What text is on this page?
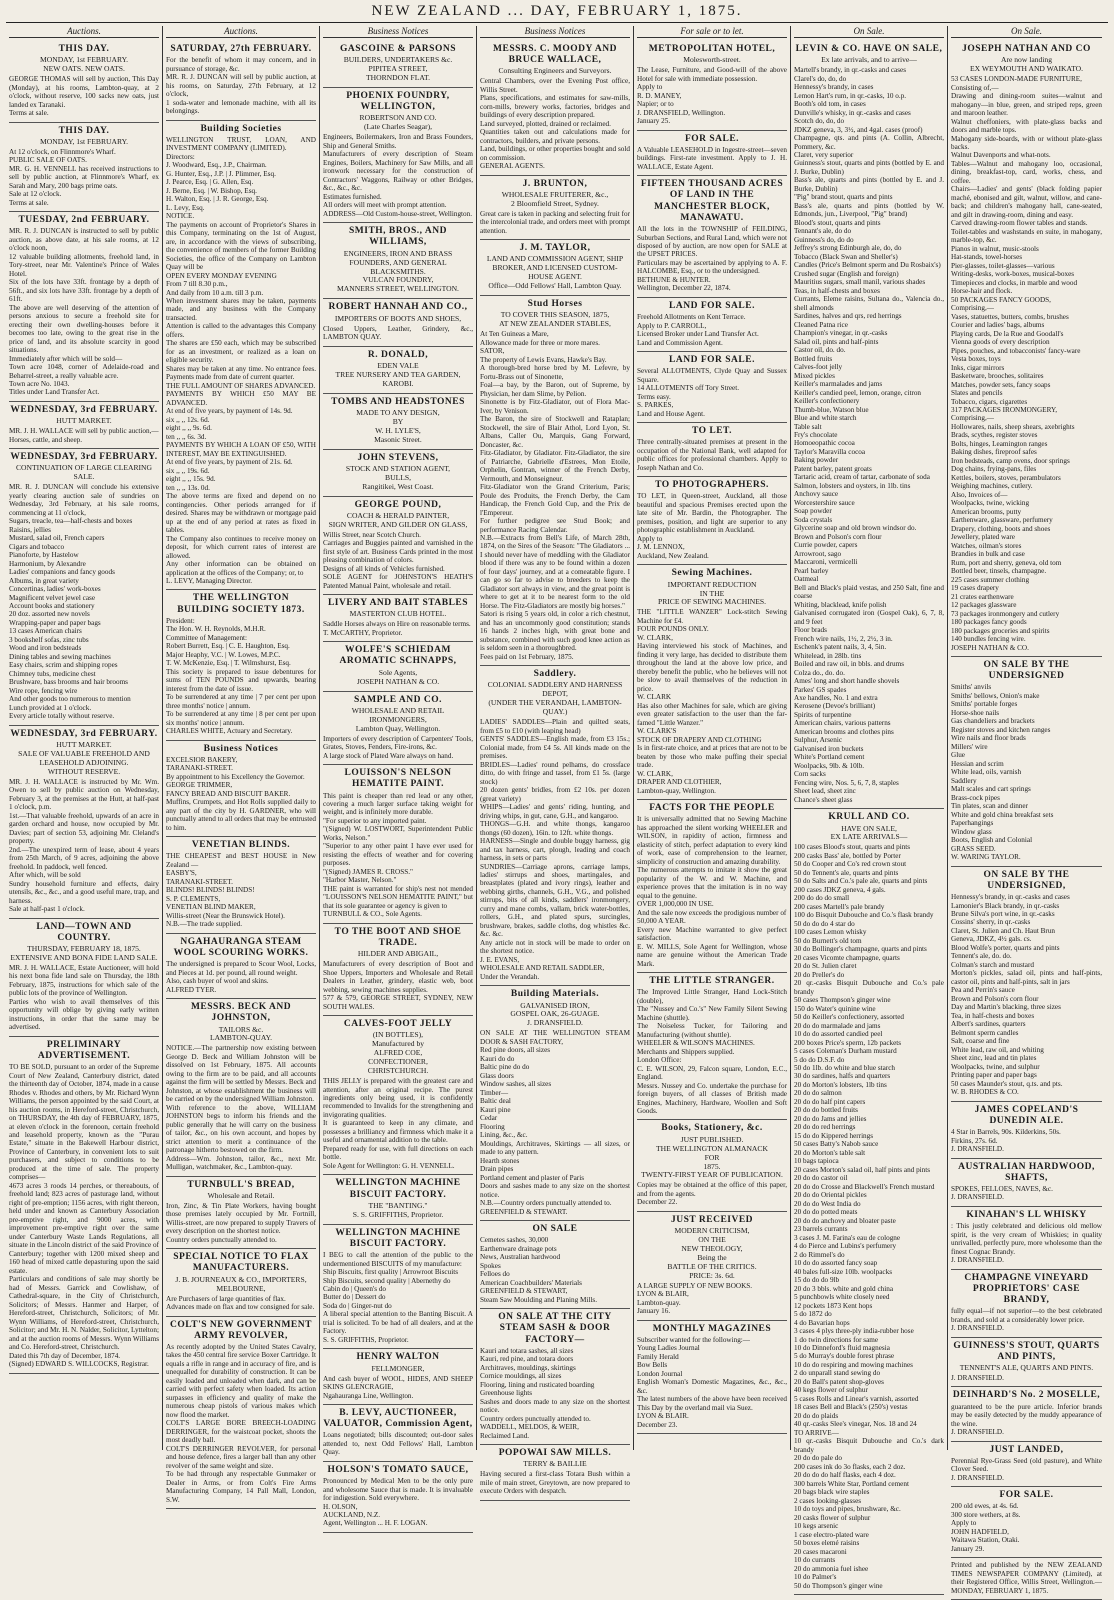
NEW ZEALAND ... DAY, FEBRUARY 1, 1875.
Auctions.
THIS DAY.
MONDAY, 1st FEBRUARY.
NEW OATS. NEW OATS.
GEORGE THOMAS will sell by auction, This Day (Monday), at his rooms, Lambton-quay, at 2 o'clock, without reserve, 100 sacks new oats, just landed ex Taranaki.
Terms at sale.
THIS DAY.
MONDAY, 1st FEBRUARY.
At 12 o'clock, on Flinnmore's Wharf.
PUBLIC SALE OF OATS.
MR. G. H. VENNELL has received instructions to sell by public auction, at Flinnmore's Wharf, ex Sarah and Mary, 200 bags prime oats.
Sale at 12 o'clock.
Terms at sale.
TUESDAY, 2nd FEBRUARY.
MR. R. J. DUNCAN is instructed to sell by public auction, as above date, at his sale rooms, at 12 o'clock noon,
12 valuable building allotments, freehold land, in Tory-street, near Mr. Valentine's Prince of Wales Hotel.
Six of the lots have 33ft. frontage by a depth of 56ft., and six lots have 33ft. frontage by a depth of 61ft.
The above are well deserving of the attention of persons anxious to secure a freehold site for erecting their own dwelling-houses before it becomes too late, owing to the great rise in the price of land, and its absolute scarcity in good situations.
Immediately after which will be sold—
Town acre 1048, corner of Adelaide-road and Beharrel-street, a really valuable acre.
Town acre No. 1043.
Titles under Land Transfer Act.
WEDNESDAY, 3rd FEBRUARY.
HUTT MARKET.
MR. J. H. WALLACE will sell by public auction,—
Horses, cattle, and sheep.
WEDNESDAY, 3rd FEBRUARY.
CONTINUATION OF LARGE CLEARING SALE.
MR. R. J. DUNCAN will conclude his extensive yearly clearing auction sale of sundries on Wednesday, 3rd February, at his sale rooms, commencing at 11 o'clock,
Sugars, treacle, tea—half-chests and boxes
Raisins, jellies
Mustard, salad oil, French capers
Cigars and tobacco
Pianoforte, by Hastelow
Harmonium, by Alexandre
Ladies' companions and fancy goods
Albums, in great variety
Concertinas, ladies' work-boxes
Magnificent velvet jewel case
Account books and stationery
20 doz. assorted new novels
Wrapping-paper and paper bags
13 cases American chairs
3 bookshelf sofas, zinc tubs
Wood and iron bedsteads
Dining tables and sewing machines
Easy chairs, scrim and shipping ropes
Chimney tubs, medicine chest
Brushware, bass brooms and hair brooms
Wire rope, fencing wire
And other goods too numerous to mention
Lunch provided at 1 o'clock.
Every article totally without reserve.
WEDNESDAY, 3rd FEBRUARY.
HUTT MARKET.
SALE OF VALUABLE FREEHOLD AND LEASEHOLD ADJOINING.
WITHOUT RESERVE.
MR. J. H. WALLACE is instructed by Mr. Wm. Owen to sell by public auction on Wednesday, February 3, at the premises at the Hutt, at half-past 1 o'clock, p.m.
1st.—That valuable freehold, upwards of an acre in garden orchard and house, now occupied by Mr. Davies; part of section 53, adjoining Mr. Cleland's property.
2nd.—The unexpired term of lease, about 4 years from 25th March, of 9 acres, adjoining the above freehold. In paddock, well fenced.
After which, will be sold
Sundry household furniture and effects, dairy utensils, &c., &c., and a good useful mare, trap, and harness.
Sale at half-past 1 o'clock.
LAND—TOWN AND COUNTRY.
THURSDAY, FEBRUARY 18, 1875.
EXTENSIVE AND BONA FIDE LAND SALE.
MR. J. H. WALLACE, Estate Auctioneer, will hold his next bona fide land sale on Thursday, the 18th February, 1875, instructions for which sale of the public lots of the province of Wellington.
Parties who wish to avail themselves of this opportunity will oblige by giving early written instructions, in order that the same may be advertised.
PRELIMINARY ADVERTISEMENT.
TO BE SOLD, pursuant to an order of the Supreme Court of New Zealand, Canterbury district, dated the thirteenth day of October, 1874, made in a cause Rhodes v. Rhodes and others, by Mr. Richard Wynn Williams, the person appointed by the said Court, at his auction rooms, in Hereford-street, Christchurch, on THURSDAY, the 4th day of FEBRUARY, 1875, at eleven o'clock in the forenoon, certain freehold and leasehold property, known as the "Purau Estate," situate in the Bakewell Harbour district, Province of Canterbury, in convenient lots to suit purchasers, and subject to conditions to be produced at the time of sale. The property comprises—
4673 acres 3 roods 14 perches, or thereabouts, of freehold land; 823 acres of pasturage land, without right of pre-emption; 1156 acres, with right thereon, held under and known as Canterbury Association pre-emptive right, and 9000 acres, with improvement pre-emptive right over the same under Canterbury Waste Lands Regulations, all situate in the Lincoln district of the said Province of Canterbury; together with 1200 mixed sheep and 160 head of mixed cattle depasturing upon the said estate.
Particulars and conditions of sale may shortly be had of Messrs. Garrick and Cowlishaw, of Cathedral-square, in the City of Christchurch, Solicitors; of Messrs. Hanmer and Harper, of Hereford-street, Christchurch, Solicitors; of Mr. Wynn Williams, of Hereford-street, Christchurch, Solicitor; and Mr. H. N. Nalder, Solicitor, Lyttelton; and at the auction rooms of Messrs. Wynn Williams and Co. Hereford-street, Christchurch.
Dated this 7th day of December, 1874.
(Signed) EDWARD S. WILLCOCKS, Registrar.
Auctions.
SATURDAY, 27th FEBRUARY.
For the benefit of whom it may concern, and in pursuance of storage, &c.
MR. R. J. DUNCAN will sell by public auction, at his rooms, on Saturday, 27th February, at 12 o'clock,
1 soda-water and lemonade machine, with all its belongings.
Building Societies
WELLINGTON TRUST, LOAN, AND INVESTMENT COMPANY (LIMITED).
Directors:
J. Woodward, Esq., J.P., Chairman.
G. Hunter, Esq., J.P. | J. Plimmer, Esq.
J. Pearce, Esq. | G. Allen, Esq.
J. Berne, Esq. | W. Bishop, Esq.
H. Walton, Esq. | J. R. George, Esq.
L. Levy, Esq.
NOTICE.
The payments on account of Proprietor's Shares in this Company, terminating on the 1st of August, are, in accordance with the views of subscribing, the convenience of members of the former Building Societies, the office of the Company on Lambton Quay will be
OPEN EVERY MONDAY EVENING
From 7 till 8.30 p.m.,
And daily from 10 a.m. till 3 p.m.
When investment shares may be taken, payments made, and any business with the Company transacted.
Attention is called to the advantages this Company offers.
The shares are £50 each, which may be subscribed for as an investment, or realized as a loan on eligible security.
Shares may be taken at any time. No entrance fees. Payments made from date of current quarter.
THE FULL AMOUNT OF SHARES ADVANCED.
PAYMENTS BY WHICH £50 MAY BE ADVANCED.
At end of five years, by payment of 14s. 9d.
six ,, ,, 12s. 6d.
eight ,, ,, 9s. 6d.
ten ,, ,, 6s. 3d.
PAYMENTS BY WHICH A LOAN OF £50, WITH INTEREST, MAY BE EXTINGUISHED.
At end of five years, by payment of 21s. 6d.
six ,, ,, 19s. 6d.
eight ,, ,, 15s. 9d.
ten ,, ,, 13s. 0d.
The above terms are fixed and depend on no contingencies. Other periods arranged for if desired. Shares may be withdrawn or mortgage paid up at the end of any period at rates as fixed in tables.
The Company also continues to receive money on deposit, for which current rates of interest are allowed.
Any other information can be obtained on application at the offices of the Company; or, to
L. LEVY, Managing Director.
THE WELLINGTON BUILDING SOCIETY 1873.
President:
The Hon. W. H. Reynolds, M.H.R.
Committee of Management:
Robert Burrett, Esq. | C. E. Haughton, Esq.
Major Heaphy, V.C. | W. Lowes, M.P.C.
T. W. McKenzie, Esq. | T. Wilmshurst, Esq.
This society is prepared to issue debentures for sums of TEN POUNDS and upwards, bearing interest from the date of issue.
To be surrendered at any time | 7 per cent per upon three months' notice | annum.
To be surrendered at any time | 8 per cent per upon six months' notice | annum.
CHARLES WHITE, Actuary and Secretary.
Business Notices
EXCELSIOR BAKERY,
TARANAKI-STREET.
By appointment to his Excellency the Governor.
GEORGE TRIMMER,
FANCY BREAD AND BISCUIT BAKER.
Muffins, Crumpets, and Hot Rolls supplied daily to any part of the city by H. GARDNER, who will punctually attend to all orders that may be entrusted to him.
VENETIAN BLINDS.
THE CHEAPEST and BEST HOUSE in New Zealand —
EASBY'S,
TARANAKI-STREET.
BLINDS! BLINDS! BLINDS!
S. P. CLEMENTS,
VENETIAN BLIND MAKER,
Willis-street (Near the Brunswick Hotel).
N.B.—The trade supplied.
NGAHAURANGA STEAM WOOL SCOURING WORKS.
The undersigned is prepared to Scour Wool, Locks, and Pieces at 1d. per pound, all round weight.
Also, cash buyer of wool and skins.
ALFRED TYER.
MESSRS. BECK AND JOHNSTON,
TAILORS &c.
LAMBTON-QUAY.
NOTICE.—The partnership now existing between George D. Beck and William Johnston will be dissolved on 1st February, 1875. All accounts owing to the firm are to be paid, and all accounts against the firm will be settled by Messrs. Beck and Johnston, at whose establishment the business will be carried on by the undersigned William Johnston.
With reference to the above, WILLIAM JOHNSTON begs to inform his friends and the public generally that he will carry on the business of tailor, &c., on his own account, and hopes by strict attention to merit a continuance of the patronage hitherto bestowed on the firm.
Address—Wm. Johnston, tailor, &c., next Mr. Mulligan, watchmaker, &c., Lambton-quay.
TURNBULL'S BREAD,
Wholesale and Retail.
Iron, Zinc, & Tin Plate Workers, having bought those premises lately occupied by Mr. Fortnill, Willis-street, are now prepared to supply Travers of every description on the shortest notice.
Country orders punctually attended to.
SPECIAL NOTICE TO FLAX MANUFACTURERS.
J. B. JOURNEAUX & CO., IMPORTERS, MELBOURNE,
Are Purchasers of large quantities of flax.
Advances made on flax and tow consigned for sale.
COLT'S NEW GOVERNMENT ARMY REVOLVER,
As recently adopted by the United States Cavalry, takes the 450 central fire service Boxer Cartridge. It equals a rifle in range and in accuracy of fire, and is unequalled for durability of construction. It can be easily loaded and unloaded when dark, and can be carried with perfect safety when loaded. Its action surpasses in efficiency and quality of make the numerous cheap pistols of various makes which now flood the market.
COLT'S LARGE BORE BREECH-LOADING DERRINGER, for the waistcoat pocket, shoots the most deadly ball.
COLT'S DERRINGER REVOLVER, for personal and house defence, fires a larger ball than any other revolver of the same weight and size.
To be had through any respectable Gunmaker or Dealer in Arms, or from Colt's Fire Arms Manufacturing Company, 14 Pall Mall, London, S.W.
Business Notices
GASCOINE & PARSONS
BUILDERS, UNDERTAKERS &c.
PIPITEA STREET,
THORNDON FLAT.
PHOENIX FOUNDRY, WELLINGTON,
ROBERTSON AND CO.
(Late Charles Seagar),
Engineers, Boilermakers, Iron and Brass Founders, Ship and General Smiths.
Manufacturers of every description of Steam Engines, Boilers, Machinery for Saw Mills, and all ironwork necessary for the construction of Contractors' Waggons, Railway or other Bridges, &c., &c., &c.
Estimates furnished.
All orders will meet with prompt attention.
ADDRESS—Old Custom-house-street, Wellington.
SMITH, BROS., AND WILLIAMS,
ENGINEERS, IRON AND BRASS FOUNDERS, AND GENERAL BLACKSMITHS.
VULCAN FOUNDRY,
MANNERS STREET, WELLINGTON.
ROBERT HANNAH AND CO.,
IMPORTERS OF BOOTS AND SHOES,
Closed Uppers, Leather, Grindery, &c., LAMBTON QUAY.
R. DONALD,
EDEN VALE
TREE NURSERY AND TEA GARDEN,
KAROBI.
TOMBS AND HEADSTONES
MADE TO ANY DESIGN,
BY
W. H. LYLE'S,
Masonic Street.
JOHN STEVENS,
STOCK AND STATION AGENT,
BULLS,
Rangitikei, West Coast.
GEORGE POUND,
COACH & HERALD PAINTER,
SIGN WRITER, AND GILDER ON GLASS,
Willis Street, near Scotch Church.
Carriages and Buggies painted and varnished in the first style of art. Business Cards printed in the most pleasing combination of colors.
Designs of all kinds of Vehicles furnished.
SOLE AGENT for JOHNSTON'S HEATH'S Patented Manual Paint, wholesale and retail.
LIVERY AND BAIT STABLES
MASTERTON CLUB HOTEL.
Saddle Horses always on Hire on reasonable terms.
T. McCARTHY, Proprietor.
WOLFE'S SCHIEDAM AROMATIC SCHNAPPS,
Sole Agents,
JOSEPH NATHAN & CO.
SAMPLE AND CO.
WHOLESALE AND RETAIL IRONMONGERS,
Lambton Quay, Wellington.
Importers of every description of Carpenters' Tools, Grates, Stoves, Fenders, Fire-irons, &c.
A large stock of Plated Ware always on hand.
LOUISSON'S NELSON HEMATITE PAINT.
This paint is cheaper than red lead or any other, covering a much larger surface taking weight for weight, and is infinitely more durable.
"For superior to any imported paint.
"(Signed) W. LOSTWORT, Superintendent Public Works, Nelson."
"Superior to any other paint I have ever used for resisting the effects of weather and for covering purposes.
"(Signed) JAMES R. CROSS."
"Harbor Master, Nelson."
THE paint is warranted for ship's nest not mended "LOUISSON'S NELSON HEMATITE PAINT," but that its sole guarantee or agency is given to
TURNBULL & CO., Sole Agents.
TO THE BOOT AND SHOE TRADE.
HILDER AND ABIGAIL,
Manufacturers of every description of Boot and Shoe Uppers, Importers and Wholesale and Retail Dealers in Leather, grindery, elastic web, boot webbing, sewing machines supplies.
577 & 579, GEORGE STREET, SYDNEY, NEW SOUTH WALES.
CALVES-FOOT JELLY
(IN BOTTLES),
Manufactured by
ALFRED COE,
CONFECTIONER,
CHRISTCHURCH.
THIS JELLY is prepared with the greatest care and attention, after an original recipe. The purest ingredients only being used, it is confidently recommended to Invalids for the strengthening and invigorating qualities.
It is guaranteed to keep in any climate, and possesses a brilliancy and firmness which make it a useful and ornamental addition to the table.
Prepared ready for use, with full directions on each bottle.
Sole Agent for Wellington: G. H. VENNELL.
WELLINGTON MACHINE BISCUIT FACTORY.
THE "BANTING."
S. S. GRIFFITHS, Proprietor.
WELLINGTON MACHINE BISCUIT FACTORY.
I BEG to call the attention of the public to the undermentioned BISCUITS of my manufacture:
Ship Biscuits, first quality | Arrowroot Biscuits
Ship Biscuits, second quality | Abernethy do
Cabin do | Queen's do
Butter do | Dessert do
Soda do | Ginger-nut do
A liberal special attention to the Banting Biscuit. A trial is solicited. To be had of all dealers, and at the Factory.
S. S. GRIFFITHS, Proprietor.
HENRY WALTON
FELLMONGER,
And cash buyer of WOOL, HIDES, AND SHEEP SKINS GLENCRAGIE,
Ngahauranga Line, Wellington.
B. LEVY, AUCTIONEER, VALUATOR, Commission Agent,
Loans negotiated; bills discounted; out-door sales attended to, next Odd Fellows' Hall, Lambton Quay.
HOLSON'S TOMATO SAUCE,
Pronounced by Medical Men to be the only pure and wholesome Sauce that is made. It is invaluable for indigestion. Sold everywhere.
H. OLSON,
AUCKLAND, N.Z.
Agent, Wellington ... H. F. LOGAN.
Business Notices
MESSRS. C. MOODY AND BRUCE WALLACE,
Consulting Engineers and Surveyors.
Central Chambers, over the Evening Post office, Willis Street.
Plans, specifications, and estimates for saw-mills, corn-mills, brewery works, factories, bridges and buildings of every description prepared.
Land surveyed, plotted, drained or reclaimed.
Quantities taken out and calculations made for contractors, builders, and private persons.
Land, buildings, or other properties bought and sold on commission.
GENERAL AGENTS.
J. BRUNTON,
WHOLESALE FRUITERER, &c.,
2 Bloomfield Street, Sydney.
Great care is taken in packing and selecting fruit for the intercolonial trade, and orders meet with prompt attention.
J. M. TAYLOR,
LAND AND COMMISSION AGENT, SHIP BROKER, AND LICENSED CUSTOM-HOUSE AGENT.
Office—Odd Fellows' Hall, Lambton Quay.
Stud Horses
TO COVER THIS SEASON, 1875,
AT NEW ZEALANDER STABLES,
At Ten Guineas a Mare,
Allowance made for three or more mares.
SATOR,
The property of Lewis Evans, Hawke's Bay.
A thorough-bred horse bred by M. Lefevre, by Fortu-Brass out of Sinonette,
Foal—a bay, by the Baron, out of Supreme, by Physician, her dam Slime, by Pelion.
Sinonette is by Fitz-Gladiator, out of Flora Mac-Iver, by Venison.
The Baron, the sire of Stockwell and Rataplan; Stockwell, the sire of Blair Athol, Lord Lyon, St. Albans, Caller Ou, Marquis, Gang Forward, Doncaster, &c.
Fitz-Gladiator, by Gladiator. Fitz-Gladiator, the sire of Patriarche, Gabrielle d'Estrees, Mon Etoile, Orphelin, Gontran, winner of the French Derby, Vermouth, and Monseigneur.
Fitz-Gladiator won the Grand Criterium, Paris; Poule des Produits, the French Derby, the Cam Handicap, the French Gold Cup, and the Prix de l'Empereur.
For further pedigree see Stud Book; and performance Racing Calendar.
N.B.—Extracts from Bell's Life, of March 28th, 1874, on the Sires of the Season: "The Gladiators ... I should never have of meddling with the Gladiator blood if there was any to be found within a dozen of four days' journey, and at a comeatable figure. I can go so far to advise to breeders to keep the Gladiator sort always in view, and the great point is where to get at it to be nearest form to the old Horse. The Fitz-Gladiators are mostly big horses."
Satori is rising 5 years old, in color a rich chestnut, and has an uncommonly good constitution; stands 16 hands 2 inches high, with great bone and substance, combined with such good knee action as is seldom seen in a thoroughbred.
Fees paid on 1st February, 1875.
Saddlery.
COLONIAL SADDLERY AND HARNESS DEPOT,
(UNDER THE VERANDAH, LAMBTON-QUAY.)
LADIES' SADDLES—Plain and quilted seats, from £5 to £10 (with leaping head)
GENTS' SADDLES—English made, from £3 15s.; Colonial made, from £4 5s. All kinds made on the premises.
BRIDLES—Ladies' round pelhams, do crossface ditto, do with fringe and tassel, from £1 5s. (large stock)
20 dozen gents' bridles, from £2 10s. per dozen (great variety)
WHIPS—Ladies' and gents' riding, hunting, and driving whips, in gut, cane, G.H., and kangaroo.
THONGS—G.H. and white thongs, kangaroo thongs (60 dozen), 16in. to 12ft. white thongs.
HARNESS—Single and double buggy harness, gig and tax harness, cart, plough, leading and coach harness, in sets or parts
SUNDRIES—Carriage aprons, carriage lamps, ladies' stirrups and shoes, martingales, and breastplates (plated and ivory rings), leather and webbing girths, channels, G.H., V.G., and polished stirrups, bits of all kinds, saddlers' ironmongery, curry and mane combs, vallam, brick water-bottles, rollers, G.H., and plated spurs, surcingles, brushware, brakes, saddle cloths, dog whistles &c. &c. &c.
Any article not in stock will be made to order on the shortest notice.
J. E. EVANS,
WHOLESALE AND RETAIL SADDLER,
Under the Verandah.
Building Materials.
GALVANISED IRON,
GOSPEL OAK, 26-GUAGE.
J. DRANSFIELD.
ON SALE AT THE WELLINGTON STEAM DOOR & SASH FACTORY,
Red pine doors, all sizes
Kauri do do
Baltic pine do do
Glass doors
Window sashes, all sizes
Timber—
Baltic deal
Kauri pine
Cedar
Flooring
Lining, &c., &c.
Mouldings, Architraves, Skirtings — all sizes, or made to any pattern.
Hearth stones
Drain pipes
Portland cement and plaster of Paris
Doors and sashes made to any size on the shortest notice.
N.B.—Country orders punctually attended to.
GREENFIELD & STEWART.
ON SALE
Cemetes sashes, 30,000
Earthenware drainage pots
News, Australian hardwood
Spokes
Felloes do
American Coachbuilders' Materials
GREENFIELD & STEWART,
Steam Saw Moulding and Planing Mills.
ON SALE AT THE CITY STEAM SASH & DOOR FACTORY—
Kauri and totara sashes, all sizes
Kauri, red pine, and totara doors
Architraves, mouldings, skirtings
Cornice mouldings, all sizes
Flooring, lining and rusticated boarding
Greenhouse lights
Sashes and doors made to any size on the shortest notice.
Country orders punctually attended to.
WADDELL, MELDOS, & WEIR,
Reclaimed Land.
POPOWAI SAW MILLS.
TERRY & BAILLIE
Having secured a first-class Totara Bush within a mile of main street, Greytown, are now prepared to execute Orders with despatch.
For sale or to let.
METROPOLITAN HOTEL,
Molesworth-street.
The Lease, Furniture, and Good-will of the above Hotel for sale with immediate possession.
Apply to
R. D. MANEY,
Napier; or to
J. DRANSFIELD, Wellington.
January 25.
FOR SALE.
A Valuable LEASEHOLD in Ingestre-street—seven buildings. First-rate investment. Apply to J. H. WALLACE, Estate Agent.
FIFTEEN THOUSAND ACRES OF LAND IN THE MANCHESTER BLOCK, MANAWATU.
All the lots in the TOWNSHIP of FEILDING, Suburban Sections, and Rural Land, which were not disposed of by auction, are now open for SALE at the UPSET PRICES.
Particulars may be ascertained by applying to A. F. HALCOMBE, Esq., or to the undersigned.
BETHUNE & HUNTER.
Wellington, December 22, 1874.
LAND FOR SALE.
Freehold Allotments on Kent Terrace.
Apply to P. CARROLL,
Licensed Broker under Land Transfer Act.
Land and Commission Agent.
LAND FOR SALE.
Several ALLOTMENTS, Clyde Quay and Sussex Square.
14 ALLOTMENTS off Tory Street.
Terms easy.
S. PARKES,
Land and House Agent.
TO LET.
Three centrally-situated premises at present in the occupation of the National Bank, well adapted for public offices for professional chambers. Apply to Joseph Nathan and Co.
TO PHOTOGRAPHERS.
TO LET, in Queen-street, Auckland, all those beautiful and spacious Premises erected upon the late site of Mr. Bardin, the Photographer. The premises, position, and light are superior to any photographic establishment in Auckland.
Apply to
J. M. LENNOX,
Auckland, New Zealand.
Sewing Machines.
IMPORTANT REDUCTION
IN THE
PRICE OF SEWING MACHINES.
THE "LITTLE WANZER" Lock-stitch Sewing Machine for £4.
FOUR POUNDS ONLY.
W. CLARK,
Having interviewed his stock of Machines, and finding it very large, has decided to distribute them throughout the land at the above low price, and thereby benefit the public, who he believes will not be slow to avail themselves of the reduction in price.
W. CLARK
Has also other Machines for sale, which are giving even greater satisfaction to the user than the far-famed "Little Wanzer."
W. CLARK'S
STOCK OF DRAPERY AND CLOTHING
Is in first-rate choice, and at prices that are not to be beaten by those who make puffing their special trade.
W. CLARK,
DRAPER AND CLOTHIER,
Lambton-quay, Wellington.
FACTS FOR THE PEOPLE
It is universally admitted that no Sewing Machine has approached the silent working WHEELER and WILSON, in rapidity of action, firmness and elasticity of stitch, perfect adaptation to every kind of work, ease of comprehension to the learner, simplicity of construction and amazing durability.
The numerous attempts to imitate it show the great popularity of the W. and W. Machine, and experience proves that the imitation is in no way equal to the genuine.
OVER 1,000,000 IN USE.
And the sale now exceeds the prodigious number of
50,000 A YEAR.
Every new Machine warranted to give perfect satisfaction.
E. W. MILLS, Sole Agent for Wellington, whose name are genuine without the American Trade Mark.
THE LITTLE STRANGER.
The Improved Little Stranger, Hand Lock-Stitch (double),
The "Nussey and Co.'s" New Family Silent Sewing Machine (shuttle).
The Noiseless Tucker, for Tailoring and Manufacturing (without shuttle).
WHEELER & WILSON'S MACHINES.
Merchants and Shippers supplied.
London Office:
C. E. WILSON, 29, Falcon square, London, E.C., England.
Messrs. Nussey and Co. undertake the purchase for foreign buyers, of all classes of British made Engines, Machinery, Hardware, Woollen and Soft Goods.
Books, Stationery, &c.
JUST PUBLISHED.
THE WELLINGTON ALMANACK
FOR
1875.
TWENTY-FIRST YEAR OF PUBLICATION.
Copies may be obtained at the office of this paper, and from the agents.
December 22.
JUST RECEIVED
MODERN CRITICISM,
ON THE
NEW THEOLOGY,
Being the
BATTLE OF THE CRITICS.
PRICE: 3s. 6d.
A LARGE SUPPLY OF NEW BOOKS.
LYON & BLAIR,
Lambton-quay.
January 16.
MONTHLY MAGAZINES
Subscriber wanted for the following:—
Young Ladies Journal
Family Herald
Bow Bells
London Journal
English Woman's Domestic Magazines, &c., &c., &c.
The latest numbers of the above have been received This Day by the overland mail via Suez.
LYON & BLAIR.
December 23.
On Sale.
LEVIN & CO. HAVE ON SALE,
Ex late arrivals, and to arrive—
Martell's brandy, in qr.-casks and cases
Clarel's do, do, do
Hennessy's brandy, in cases
Lemon Hart's rum, in qr.-casks, 10 o.p.
Booth's old tom, in cases
Dunville's whisky, in qr.-casks and cases
Scotch do, do, do
JDKZ geneva, 3, 3½, and 4gal. cases (proof)
Champagne, qts. and pints (A. Collin, Albrecht, Pommery, &c.
Claret, very superior
Guinness's stout, quarts and pints (bottled by E. and J. Burke, Dublin)
Bass's ale, quarts and pints (bottled by E. and J. Burke, Dublin)
"Pig" brand stout, quarts and pints
Bass's ale, quarts and pints (bottled by W. Edmonds, jun., Liverpool, "Pig" brand)
Blood's stout, quarts and pints
Tennant's ale, do do
Guinness's do, do do
Jeffrey's strong Edinburgh ale, do, do
Tobacco (Black Swan and Sheller's)
Candles (Price's Belmont sperm and Du Rosbaix's)
Crushed sugar (English and foreign)
Mauritius sugars, small manil, various shades
Teas, in half-chests and boxes
Currants, Eleme raisins, Sultana do., Valencia do., shell almonds
Sardines, halves and qrs, red herrings
Cleaned Patna rice
Champion's vinegar, in qr.-casks
Salad oil, pints and half-pints
Castor oil, do. do.
Bottled fruits
Calves-foot jelly
Mixed pickles
Keiller's marmalades and jams
Keiller's candied peel, lemon, orange, citron
Keiller's confectionery
Thumb-blue, Watson blue
Blue and white starch
Table salt
Fry's chocolate
Homoeopathic cocoa
Taylor's Maravilla cocoa
Baking powder
Patent barley, patent groats
Tartaric acid, cream of tartar, carbonate of soda
Salmon, lobsters and oysters, in 1lb. tins
Anchovy sauce
Worcestershire sauce
Soap powder
Soda crystals
Glycerine soap and old brown windsor do.
Brown and Polson's corn flour
Currie powder, capers
Arrowroot, sago
Maccaroni, vermicelli
Pearl barley
Oatmeal
Bell and Black's plaid vestas, and 250 Salt, fine and coarse
Whiting, blacklead, knife polish
Galvanised corrugated iron (Gospel Oak), 6, 7, 8, and 9 feet
Floor brads
French wire nails, 1½, 2, 2½, 3 in.
Eschenk's patent nails, 3, 4, 5in.
Whitelead, in 28lb. tins
Boiled and raw oil, in bbls. and drums
Colza do., do. do.
Ames' long and short handle shovels
Parkes' GS spades
Axe handles, No. 1 and extra
Kerosene (Devoe's brilliant)
Spirits of turpentine
American chairs, various patterns
American brooms and clothes pins
Sulphur, Arsenic
Galvanised iron buckets
White's Portland cement
Woolpacks, 9lb. & 10lb.
Corn sacks
Fencing wire, Nos. 5, 6, 7, 8, staples
Sheet lead, sheet zinc
Chance's sheet glass
KRULL AND CO.
HAVE ON SALE,
EX LATE ARRIVALS—
100 cases Blood's stout, quarts and pints
200 casks Bass' ale, bottled by Porter
50 do Cooper and Co's red crown stout
50 do Tennent's ale, quarts and pints
50 do Salts and Co.'s pale ale, quarts and pints
200 cases JDKZ geneva, 4 gals.
200 do do do small
200 cases Martell's pale brandy
100 do Bisquit Dubouche and Co.'s flask brandy
50 do do do 4 star do
100 cases Lemon whisky
50 do Burnett's old tom
30 do Bollinger's champagne, quarts and pints
20 cases Vicomte champagne, quarts
20 do St. Julien claret
20 do Preller's do
20 qr.-casks Bisquit Dubouche and Co.'s pale brandy
50 cases Thompson's ginger wine
150 do Water's quinine wine
50 do Keiller's confectionery, assorted
20 do do marmalade and jams
10 do do assorted candied peel
200 boxes Price's sperm, 12b packets
5 cases Coleman's Durham mustard
5 do do D.S.F. do
50 do 1lb. do white and blue starch
30 do sardines, halfs and quarters
20 do Morton's lobsters, 1lb tins
20 do do salmon
20 do do half pint capers
20 do do bottled fruits
20 do do Jams and jellies
20 do do red herrings
15 do do Kippered herrings
50 cases Batty's Nabob sauce
20 do Morton's table salt
10 bags tapioca
20 cases Morton's salad oil, half pints and pints
20 do do castor oil
20 do do Crosse and Blackwell's French mustard
20 do do Oriental pickles
20 do do West India do
20 do do potted meats
20 do do anchovy and bloater paste
23 barrels currants
3 cases J. M. Farina's eau de cologne
4 do Pierce and Lubins's perfumery
2 do Rimmel's do
10 do do assorted fancy soap
40 bales full-size 10lb. woolpacks
15 do do do 9lb
20 do 3 bbls. white and gold china
5 punchbowls white closely need
12 pockets 1873 Kent hops
5 do 1872 do
4 do Bavarian hops
3 cases 4 plys three-ply india-rubber hose
1 do twin directions for same
10 do Dinneford's fluid magnesia
5 do Murray's double forest phrase
10 do do respiring and mowing machines
2 do unparall stand sewing do
20 do Ball's patent shop-gloves
40 kegs flower of sulphur
5 cases Rolls and Linear's varnish, assorted
18 cases Bell and Black's (250's) vestas
20 do do plaids
40 qr.-casks Slee's vinegar, Nos. 18 and 24
TO ARRIVE—
10 qr.-casks Bisquit Dubouche and Co.'s dark brandy
20 do do pale do
200 cases ink do 3o flasks, each 2 doz.
20 do do do half flasks, each 4 doz.
300 barrels White Star, Portland cement
20 bags black wire staples
2 cases looking-glasses
10 do toys and pipes, brushware, &c.
20 casks flower of sulphur
10 kegs arsenic
1 case electro-plated ware
50 boxes elemé raisins
20 cases macaroni
10 do currants
20 do ammonia fuel ishee
10 do Palmer's
50 do Thompson's ginger wine
On Sale.
JOSEPH NATHAN AND CO
Are now landing
EX WEYMOUTH AND WAIKATO.
53 CASES LONDON-MADE FURNITURE,
Consisting of,—
Drawing and dining-room suites—walnut and mahogany—in blue, green, and striped reps, green and maroon leather.
Walnut cheffoniers, with plate-glass backs and doors and marble tops.
Mahogany side-boards, with or without plate-glass backs.
Walnut Davenports and what-nots.
Tables—Walnut and mahogany loo, occasional, dining, breakfast-top, card, works, chess, and coffee.
Chairs—Ladies' and gents' (black folding papier maché, ebonised and gilt, walnut, willow, and cane-back; and children's mahogany hall, cane-seated, and gilt in drawing-room, dining and easy.
Carved drawing-room flower tables and stands.
Toilet-tables and washstands en suite, in mahogany, marble-top, &c.
Pianos in walnut, music-stools
Hat-stands, towel-horses
Pier-glasses, toilet-glasses—various
Writing-desks, work-boxes, musical-boxes
Timepieces and clocks, in marble and wood
Horse-hair and flock.
50 PACKAGES FANCY GOODS,
Comprising,—
Vases, statuettes, butters, combs, brushes
Courier and ladies' bags, albums
Playing cards, De la Rue and Goodall's
Vienna goods of every description
Pipes, pouches, and tobacconists' fancy-ware
Vesta boxes, toys
Inks, cigar mirrors
Basketware, brooches, solitaires
Matches, powder sets, fancy soaps
Slates and pencils
Tobacco, cigars, cigarettes
317 PACKAGES IRONMONGERY,
Comprising,—
Hollowares, nails, sheep shears, axebrights
Brads, scythes, register stoves
Bolts, hinges, Leamington ranges
Baking dishes, fireproof safes
Iron bedsteads, camp ovens, door springs
Dog chains, frying-pans, files
Kettles, boilers, stoves, perambulators
Weighing machines, cutlery.
Also, Invoices of—
Woolpacks, twine, wicking
American brooms, putty
Earthenware, glassware, perfumery
Drapery, clothing, boots and shoes
Jewellery, plated ware
Watches, oilman's stores
Brandies in bulk and case
Rum, port and sherry, geneva, old tom
Bottled beer, tinsels, champagne.
225 cases summer clothing
19 cases drapery
21 crates earthenware
12 packages glassware
73 packages ironmongery and cutlery
180 packages fancy goods
180 packages groceries and spirits
140 bundles fencing wire.
JOSEPH NATHAN & CO.
ON SALE BY THE UNDERSIGNED
Smiths' anvils
Smiths' bellows, Onion's make
Smiths' portable forges
Horse-shoe nails
Gas chandeliers and brackets
Register stoves and kitchen ranges
Wire nails and floor brads
Millers' wire
Glue
Hessian and scrim
White lead, oils, varnish
Saddlery
Malt scales and cart springs
Brass-cock pipes
Tin plates, scan and dinner
White and gold china breakfast sets
Paperhangings
Window glass
Boots, English and Colonial
GRASS SEED.
W. WARING TAYLOR.
ON SALE BY THE UNDERSIGNED,
Hennessy's brandy, in qr.-casks and cases
Lamonier's Black brandy, in qr.-casks
Brune Silva's port wine, in qr.-casks
Cossins' sherry, in qr.-casks
Claret, St. Julien and Ch. Haut Brun
Geneva, JDKZ, 4½ gals. cs.
Blood Wolfe's porter, quarts and pints
Tennent's ale, do. do.
Colman's starch and mustard
Morton's pickles, salad oil, pints and half-pints, castor oil, pints and half-pints, salt in jars
Pea and Perrin's sauce
Brown and Polson's corn flour
Day and Martin's blacking, three sizes
Tea, in half-chests and boxes
Albert's sardines, quarters
Belmont sperm candles
Salt, coarse and fine
White lead, raw oil, and whiting
Sheet zinc, lead and tin plates
Woolpacks, twine, and sulphur
Printing paper and paper bags
50 cases Maunder's stout, q.ts. and pts.
W. B. RHODES & CO.
JAMES COPELAND'S DUNEDIN ALE.
4 Star in Barrels, 90s. Kilderkins, 50s.
Firkins, 27s. 6d.
J. DRANSFIELD.
AUSTRALIAN HARDWOOD, SHAFTS,
SPOKES, FELLOES, NAVES, &c.
J. DRANSFIELD.
KINAHAN'S LL WHISKY
: This justly celebrated and delicious old mellow spirit, is the very cream of Whiskies; in quality unrivalled, perfectly pure, more wholesome than the finest Cognac Brandy.
J. DRANSFIELD.
CHAMPAGNE VINEYARD PROPRIETORS' CASE BRANDY,
fully equal—if not superior—to the best celebrated brands, and sold at a considerably lower price.
J. DRANSFIELD.
GUINNESS'S STOUT, QUARTS AND PINTS,
TENNENT'S ALE, QUARTS AND PINTS.
J. DRANSFIELD.
DEINHARD'S No. 2 MOSELLE,
guaranteed to be the pure article. Inferior brands may be easily detected by the muddy appearance of the wine.
J. DRANSFIELD.
JUST LANDED,
Perennial Rye-Grass Seed (old pasture), and White Clover Seed.
J. DRANSFIELD.
FOR SALE.
200 old ewes, at 4s. 6d.
300 store wethers, at 8s.
Apply to
JOHN HADFIELD,
Waitawa Station, Otaki.
January 29.
Printed and published by the NEW ZEALAND TIMES NEWSPAPER COMPANY (Limited), at their Registered Office, Willis Street, Wellington.—MONDAY, FEBRUARY 1, 1875.
